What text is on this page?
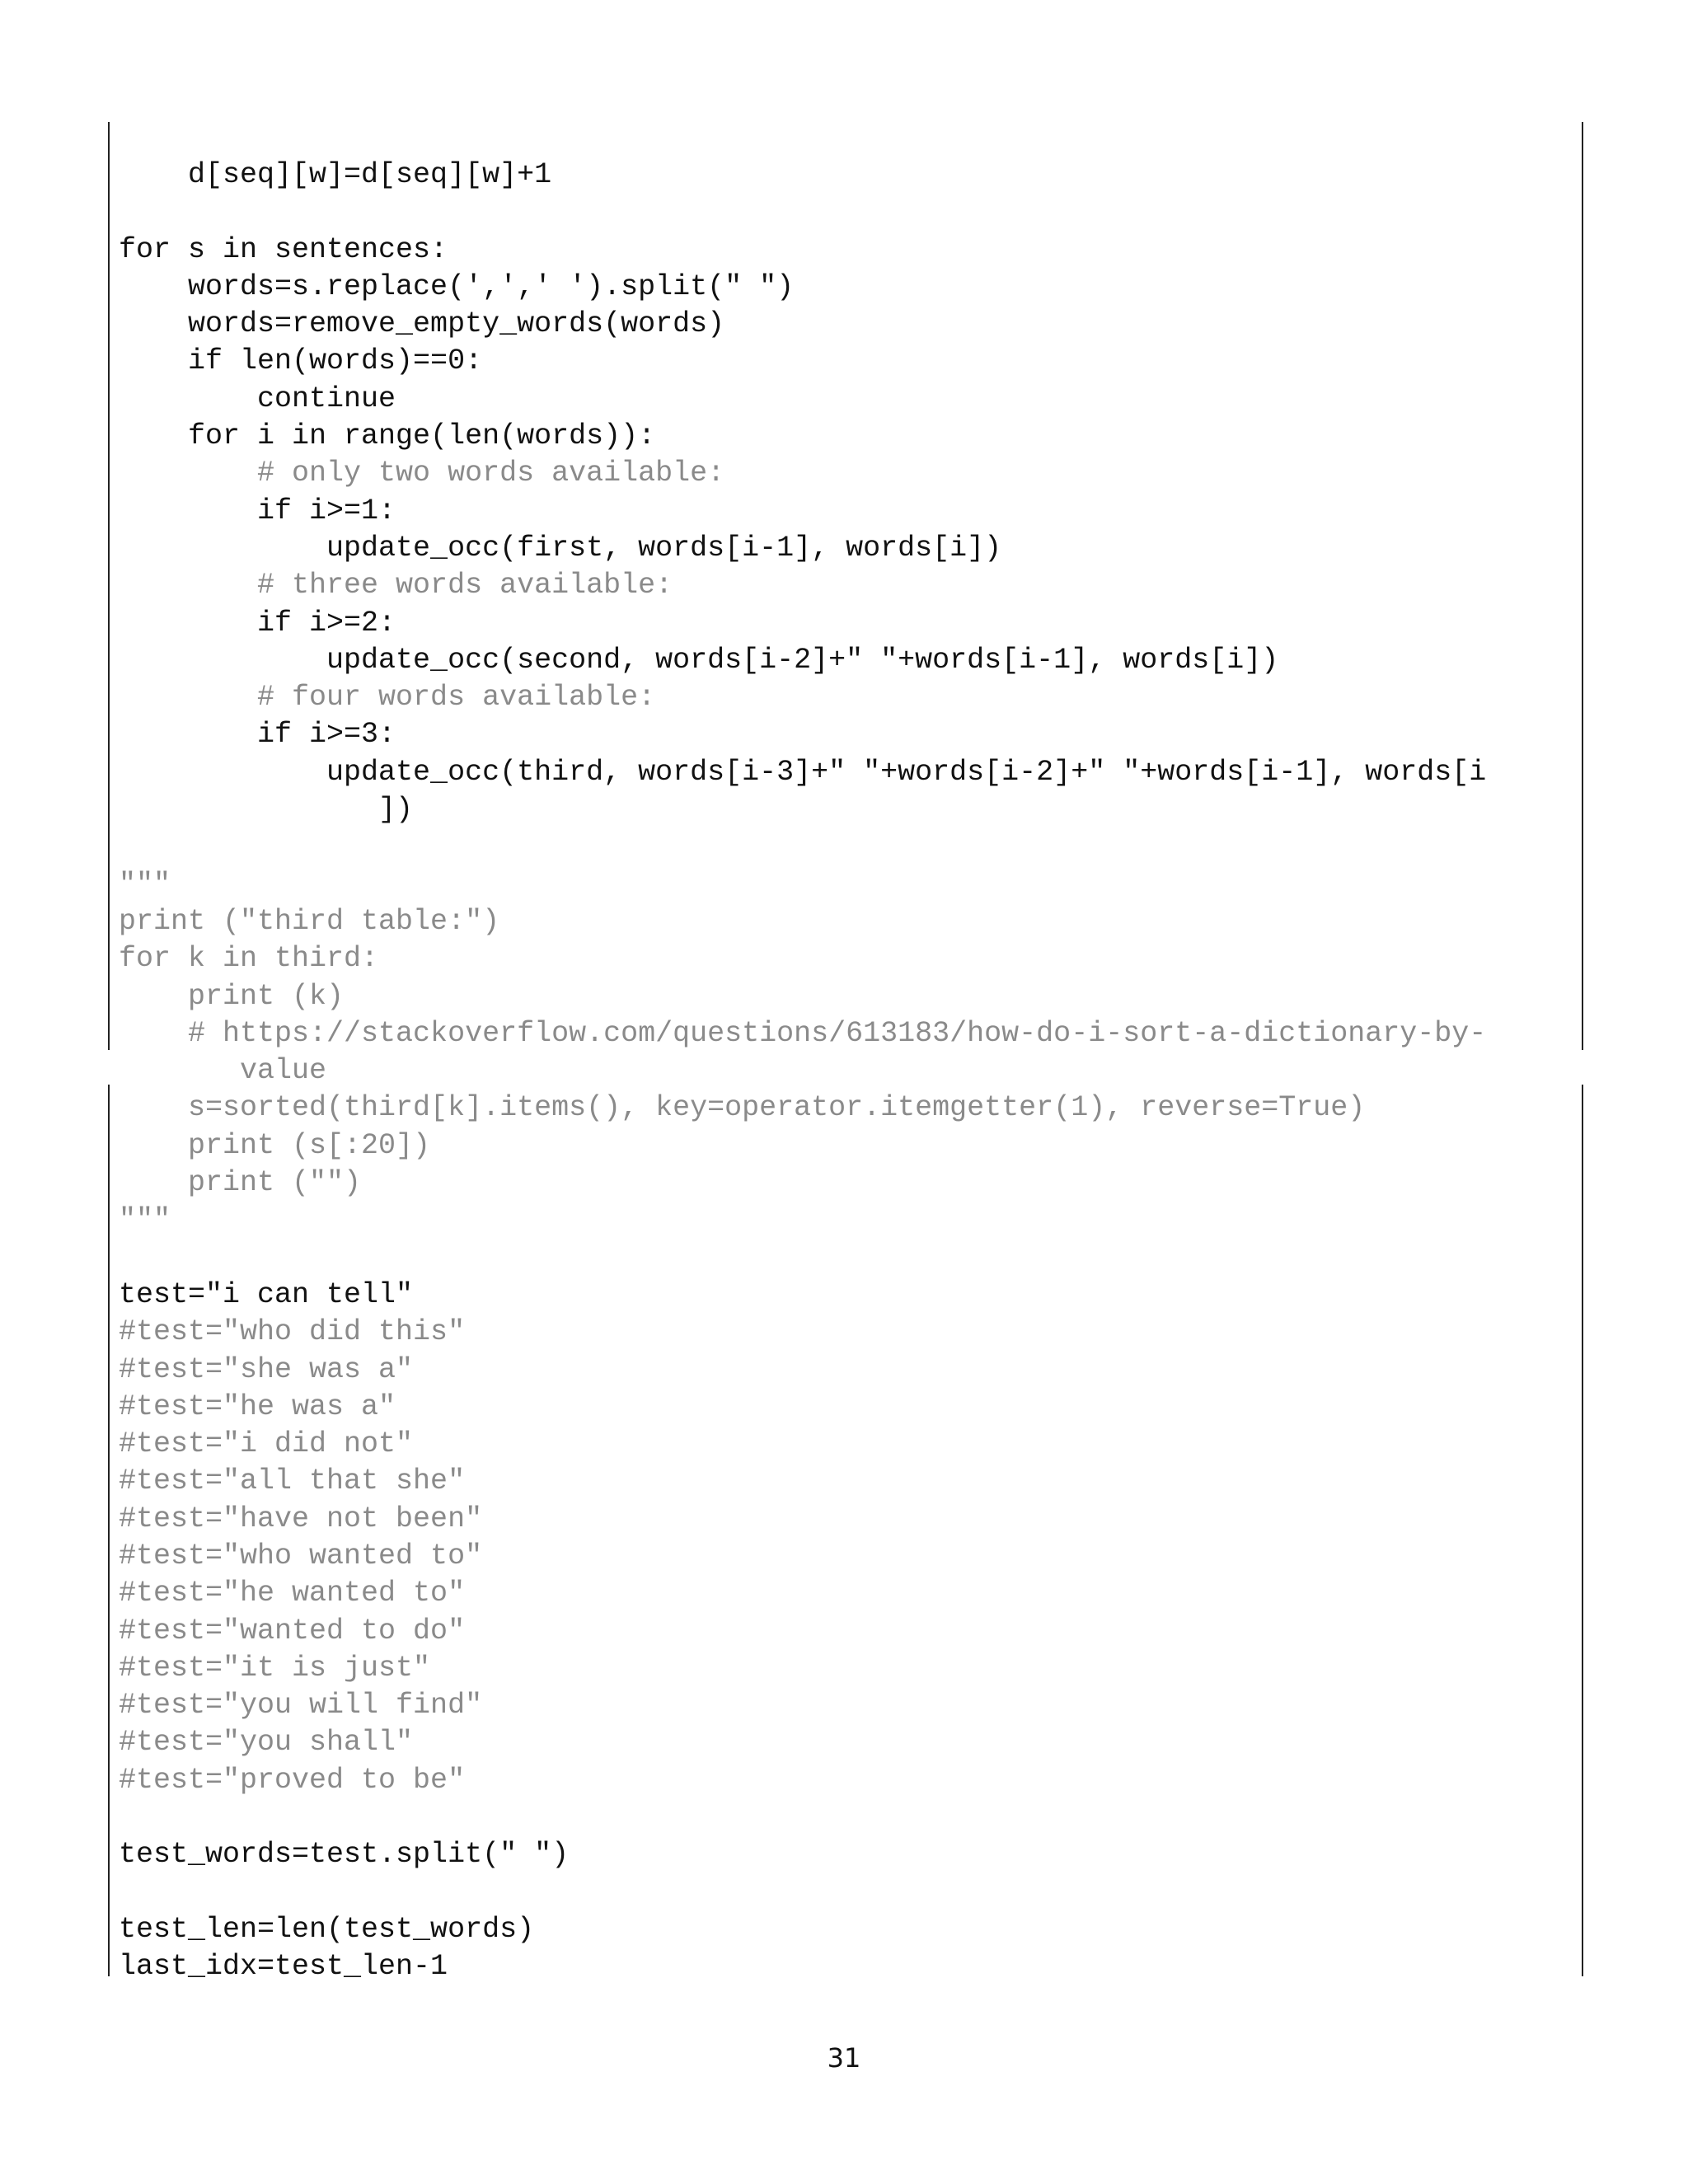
d[seq][w]=d[seq][w]+1
for s in sentences:
words=s.replace(',',' ').split(" ")
words=remove_empty_words(words)
if len(words)==0:
continue
for i in range(len(words)):
# only two words available:
if i>=1:
update_occ(first, words[i-1], words[i])
# three words available:
if i>=2:
update_occ(second, words[i-2]+" "+words[i-1], words[i])
# four words available:
if i>=3:
update_occ(third, words[i-3]+" "+words[i-2]+" "+words[i-1], words[i
])
"""
print ("third table:")
for k in third:
print (k)
# https://stackoverflow.com/questions/613183/how-do-i-sort-a-dictionary-by-
value
s=sorted(third[k].items(), key=operator.itemgetter(1), reverse=True)
print (s[:20])
print ("")
"""
test="i can tell"
#test="who did this"
#test="she was a"
#test="he was a"
#test="i did not"
#test="all that she"
#test="have not been"
#test="who wanted to"
#test="he wanted to"
#test="wanted to do"
#test="it is just"
#test="you will find"
#test="you shall"
#test="proved to be"
test_words=test.split(" ")
test_len=len(test_words)
last_idx=test_len-1
31
